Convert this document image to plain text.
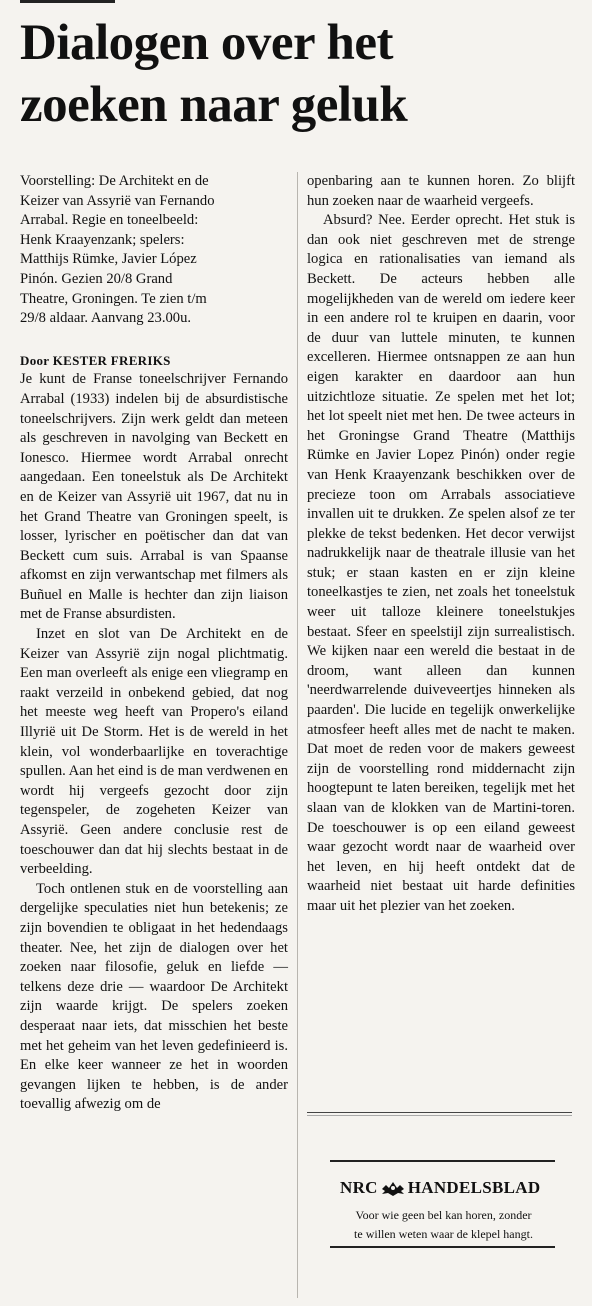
Dialogen over het
zoeken naar geluk

Voorstelling: De Architekt en de

Keizer van Assyrië van Fernando

Arrabal. Regie en toneelbeeld:

Henk Kraayenzank; spelers:

Matthijs Rümke, Javier López

Pinón. Gezien 20/8 Grand

Theatre, Groningen. Te zien t/m

29/8 aldaar. Aanvang 23.00u.

Door KESTER FRERIKS

Je kunt de Franse toneelschrijver Fernando Arrabal (1933) indelen bij de absurdistische toneelschrijvers. Zijn werk geldt dan meteen als geschreven in navolging van Beckett en Ionesco. Hiermee wordt Arrabal onrecht aangedaan. Een toneelstuk als De Architekt en de Keizer van Assyrië uit 1967, dat nu in het Grand Theatre van Groningen speelt, is losser, lyrischer en poëtischer dan dat van Beckett cum suis. Arrabal is van Spaanse afkomst en zijn verwantschap met filmers als Buñuel en Malle is hechter dan zijn liaison met de Franse absurdisten.

Inzet en slot van De Architekt en de Keizer van Assyrië zijn nogal plichtmatig. Een man overleeft als enige een vliegramp en raakt verzeild in onbekend gebied, dat nog het meeste weg heeft van Propero's eiland Illyrië uit De Storm. Het is de wereld in het klein, vol wonderbaarlijke en toverachtige spullen. Aan het eind is de man verdwenen en wordt hij vergeefs gezocht door zijn tegenspeler, de zogeheten Keizer van Assyrië. Geen andere conclusie rest de toeschouwer dan dat hij slechts bestaat in de verbeelding.

Toch ontlenen stuk en de voorstelling aan dergelijke speculaties niet hun betekenis; ze zijn bovendien te obligaat in het hedendaags theater. Nee, het zijn de dialogen over het zoeken naar filosofie, geluk en liefde — telkens deze drie — waardoor De Architekt zijn waarde krijgt. De spelers zoeken desperaat naar iets, dat misschien het beste met het geheim van het leven gedefinieerd is. En elke keer wanneer ze het in woorden gevangen lijken te hebben, is de ander toevallig afwezig om de

openbaring aan te kunnen horen. Zo blijft hun zoeken naar de waarheid vergeefs.

Absurd? Nee. Eerder oprecht. Het stuk is dan ook niet geschreven met de strenge logica en rationalisaties van iemand als Beckett. De acteurs hebben alle mogelijkheden van de wereld om iedere keer in een andere rol te kruipen en daarin, voor de duur van luttele minuten, te kunnen excelleren. Hiermee ontsnappen ze aan hun eigen karakter en daardoor aan hun uitzichtloze situatie. Ze spelen met het lot; het lot speelt niet met hen. De twee acteurs in het Groningse Grand Theatre (Matthijs Rümke en Javier Lopez Pinón) onder regie van Henk Kraayenzank beschikken over de precieze toon om Arrabals associatieve invallen uit te drukken. Ze spelen alsof ze ter plekke de tekst bedenken. Het decor verwijst nadrukkelijk naar de theatrale illusie van het stuk; er staan kasten en er zijn kleine toneelkastjes te zien, net zoals het toneelstuk weer uit talloze kleinere toneelstukjes bestaat. Sfeer en speelstijl zijn surrealistisch. We kijken naar een wereld die bestaat in de droom, want alleen dan kunnen 'neerdwarrelende duiveveertjes hinneken als paarden'. Die lucide en tegelijk onwerkelijke atmosfeer heeft alles met de nacht te maken. Dat moet de reden voor de makers geweest zijn de voorstelling rond middernacht zijn hoogtepunt te laten bereiken, tegelijk met het slaan van de klokken van de Martini-toren. De toeschouwer is op een eiland geweest waar gezocht wordt naar de waarheid over het leven, en hij heeft ontdekt dat de waarheid niet bestaat uit harde definities maar uit het plezier van het zoeken.

NRC HANDELSBLAD
Voor wie geen bel kan horen, zonder
te willen weten waar de klepel hangt.
